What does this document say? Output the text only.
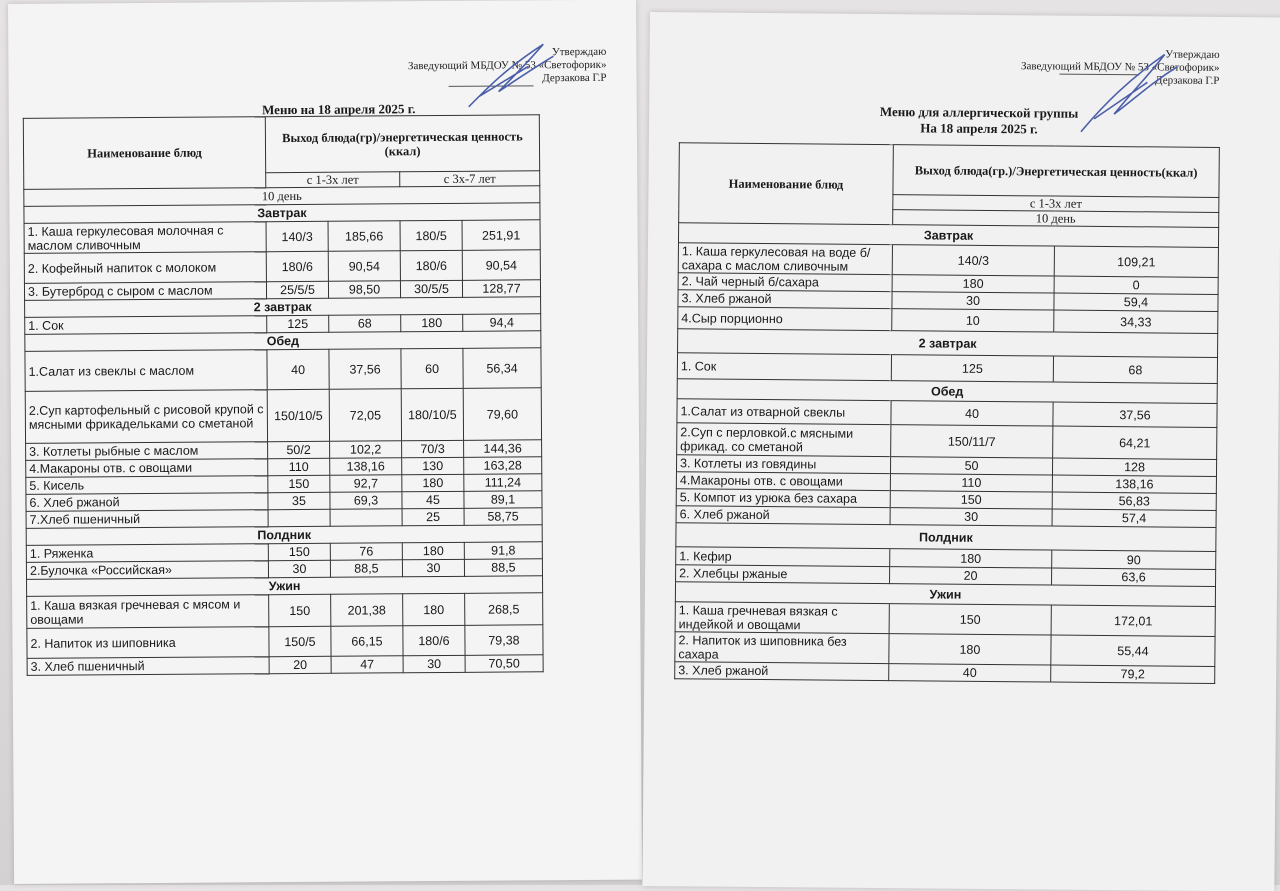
Утверждаю
Заведующий МБДОУ № 53 «Светофорик»
Дерзакова Г.Р
Меню на 18 апреля 2025 г.
Наименование блюд	Выход блюда(гр)/энергетическая ценность (ккал)			
	с 1-3х лет		с 3х-7 лет	
10 день				
Завтрак				
1. Каша геркулесовая молочная с маслом сливочным	140/3	185,66	180/5	251,91
2. Кофейный напиток с молоком	180/6	90,54	180/6	90,54
3. Бутерброд с сыром с маслом	25/5/5	98,50	30/5/5	128,77
2 завтрак				
1. Сок	125	68	180	94,4
Обед				
1.Салат из свеклы с маслом	40	37,56	60	56,34
2.Суп картофельный с рисовой крупой с мясными фрикадельками со сметаной	150/10/5	72,05	180/10/5	79,60
3. Котлеты рыбные с маслом	50/2	102,2	70/3	144,36
4.Макароны отв. с овощами	110	138,16	130	163,28
5. Кисель	150	92,7	180	111,24
6. Хлеб ржаной	35	69,3	45	89,1
7.Хлеб пшеничный			25	58,75
Полдник				
1. Ряженка	150	76	180	91,8
2.Булочка «Российская»	30	88,5	30	88,5
Ужин				
1. Каша вязкая гречневая с мясом и овощами	150	201,38	180	268,5
2. Напиток из шиповника	150/5	66,15	180/6	79,38
3. Хлеб пшеничный	20	47	30	70,50
Утверждаю
Заведующий МБДОУ № 53 «Светофорик»
Дерзакова Г.Р
Меню для аллергической группы
На 18 апреля 2025 г.
Наименование блюд	Выход блюда(гр.)/Энергетическая ценность(ккал)	
	с 1-3х лет	
	10 день	
Завтрак		
1. Каша геркулесовая на воде б/сахара с маслом сливочным	140/3	109,21
2. Чай черный б/сахара	180	0
3. Хлеб ржаной	30	59,4
4.Сыр порционно	10	34,33
2 завтрак		
1. Сок	125	68
Обед		
1.Салат из отварной свеклы	40	37,56
2.Суп с перловкой.с мясными фрикад. со сметаной	150/11/7	64,21
3. Котлеты из говядины	50	128
4.Макароны отв. с овощами	110	138,16
5. Компот из урюка без сахара	150	56,83
6. Хлеб ржаной	30	57,4
Полдник		
1. Кефир	180	90
2. Хлебцы ржаные	20	63,6
Ужин		
1. Каша гречневая вязкая с индейкой и овощами	150	172,01
2. Напиток из шиповника без сахара	180	55,44
3. Хлеб ржаной	40	79,2
